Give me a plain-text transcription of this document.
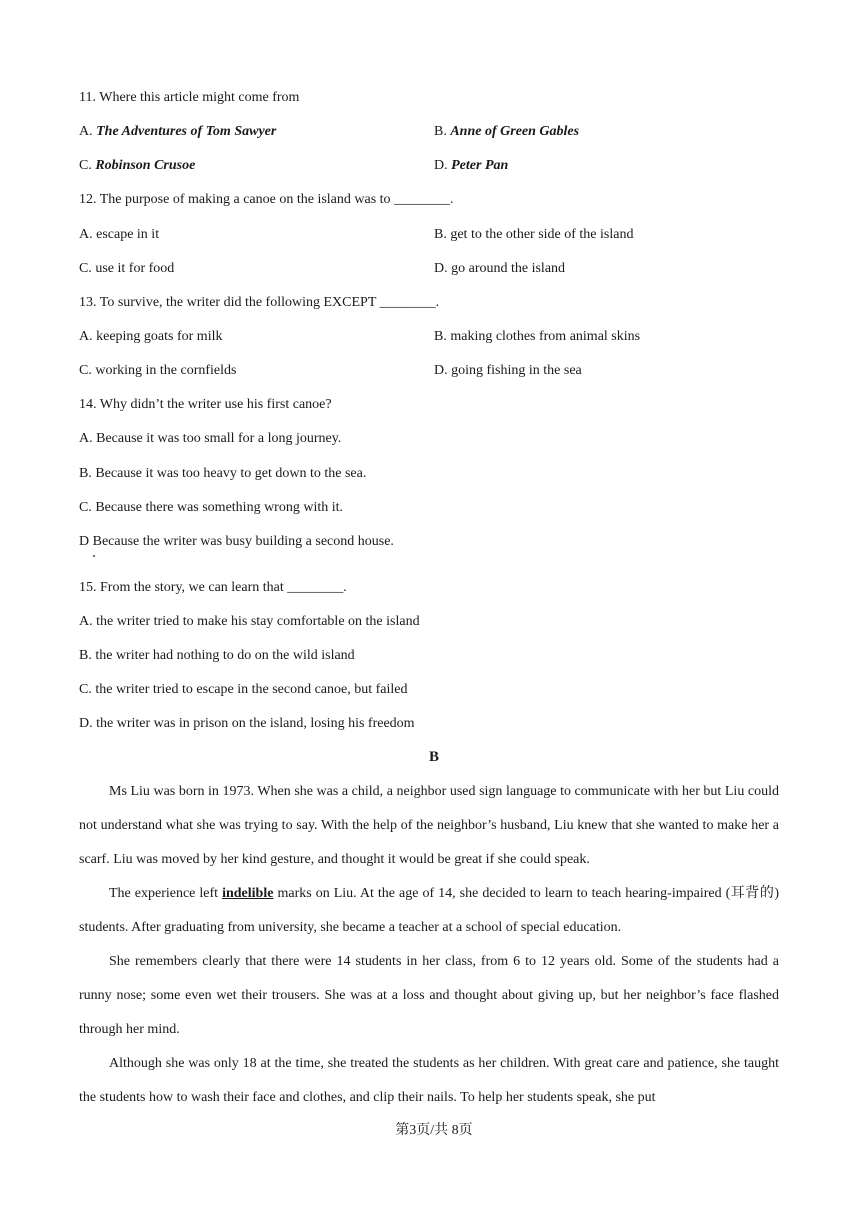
11. Where this article might come from
A. The Adventures of Tom Sawyer	B. Anne of Green Gables
C. Robinson Crusoe	D. Peter Pan
12. The purpose of making a canoe on the island was to ________.
A. escape in it	B. get to the other side of the island
C. use it for food	D. go around the island
13. To survive, the writer did the following EXCEPT ________.
A. keeping goats for milk	B. making clothes from animal skins
C. working in the cornfields	D. going fishing in the sea
14. Why didn’t the writer use his first canoe?
A. Because it was too small for a long journey.
B. Because it was too heavy to get down to the sea.
C. Because there was something wrong with it.
D Because the writer was busy building a second house.
15. From the story, we can learn that ________.
A. the writer tried to make his stay comfortable on the island
B. the writer had nothing to do on the wild island
C. the writer tried to escape in the second canoe, but failed
D. the writer was in prison on the island, losing his freedom
B

Ms Liu was born in 1973. When she was a child, a neighbor used sign language to communicate with her but Liu could not understand what she was trying to say. With the help of the neighbor’s husband, Liu knew that she wanted to make her a scarf. Liu was moved by her kind gesture, and thought it would be great if she could speak.

The experience left indelible marks on Liu. At the age of 14, she decided to learn to teach hearing-impaired (耳背的) students. After graduating from university, she became a teacher at a school of special education.

She remembers clearly that there were 14 students in her class, from 6 to 12 years old. Some of the students had a runny nose; some even wet their trousers. She was at a loss and thought about giving up, but her neighbor’s face flashed through her mind.

Although she was only 18 at the time, she treated the students as her children. With great care and patience, she taught the students how to wash their face and clothes, and clip their nails. To help her students speak, she put

第3页/共 8页
